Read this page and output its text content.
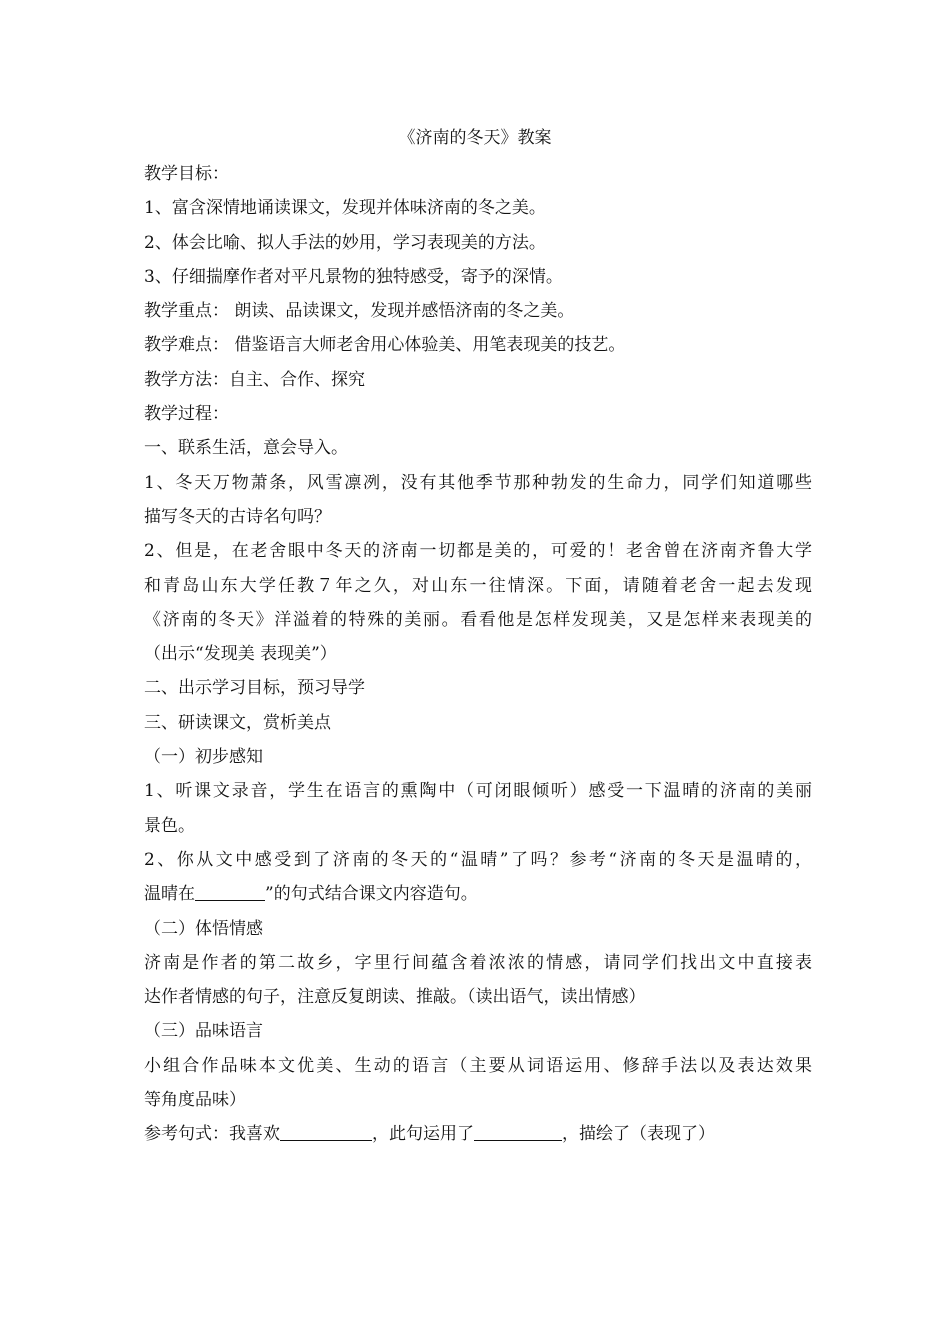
《济南的冬天》教案

教学目标：

1、富含深情地诵读课文，发现并体味济南的冬之美。

2、体会比喻、拟人手法的妙用，学习表现美的方法。

3、仔细揣摩作者对平凡景物的独特感受，寄予的深情。

教学重点： 朗读、品读课文，发现并感悟济南的冬之美。

教学难点： 借鉴语言大师老舍用心体验美、用笔表现美的技艺。

教学方法：自主、合作、探究

教学过程：

一、联系生活，意会导入。

1、冬天万物萧条，风雪凛冽，没有其他季节那种勃发的生命力，同学们知道哪些

描写冬天的古诗名句吗？

2、但是，在老舍眼中冬天的济南一切都是美的，可爱的！老舍曾在济南齐鲁大学

和青岛山东大学任教７年之久，对山东一往情深。下面，请随着老舍一起去发现

《济南的冬天》洋溢着的特殊的美丽。看看他是怎样发现美，又是怎样来表现美的

（出示“发现美 表现美”）

二、出示学习目标，预习导学

三、研读课文，赏析美点

（一）初步感知

1、听课文录音，学生在语言的熏陶中（可闭眼倾听）感受一下温晴的济南的美丽

景色。

2、你从文中感受到了济南的冬天的“温晴”了吗？参考“济南的冬天是温晴的，

温晴在	”的句式结合课文内容造句。

（二）体悟情感

济南是作者的第二故乡，字里行间蕴含着浓浓的情感，请同学们找出文中直接表

达作者情感的句子，注意反复朗读、推敲。（读出语气，读出情感）

（三）品味语言

小组合作品味本文优美、生动的语言（主要从词语运用、修辞手法以及表达效果

等角度品味）

参考句式：我喜欢	，此句运用了	，描绘了（表现了）
